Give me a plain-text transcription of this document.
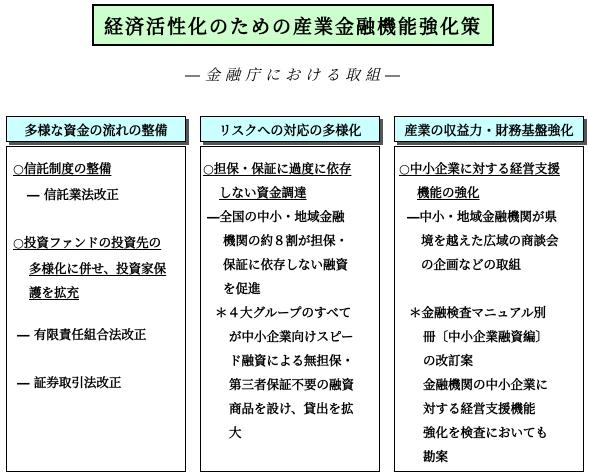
経済活性化のための産業金融機能強化策
―金融庁における取組―
多様な資金の流れの整備
○信託制度の整備
― 信託業法改正
○投資ファンドの投資先の
多様化に併せ、投資家保
護を拡充
― 有限責任組合法改正
― 証券取引法改正
リスクへの対応の多様化
○担保・保証に過度に依存
しない資金調達
―全国の中小・地域金融
機関の約８割が担保・
保証に依存しない融資
を促進
＊４大グループのすべて
が中小企業向けスピー
ド融資による無担保・
第三者保証不要の融資
商品を設け、貸出を拡
大
産業の収益力・財務基盤強化
○中小企業に対する経営支援
機能の強化
―中小・地域金融機関が県
境を越えた広域の商談会
の企画などの取組
＊金融検査マニュアル別
冊〔中小企業融資編〕
の改訂案
金融機関の中小企業に
対する経営支援機能
強化を検査においても
勘案
